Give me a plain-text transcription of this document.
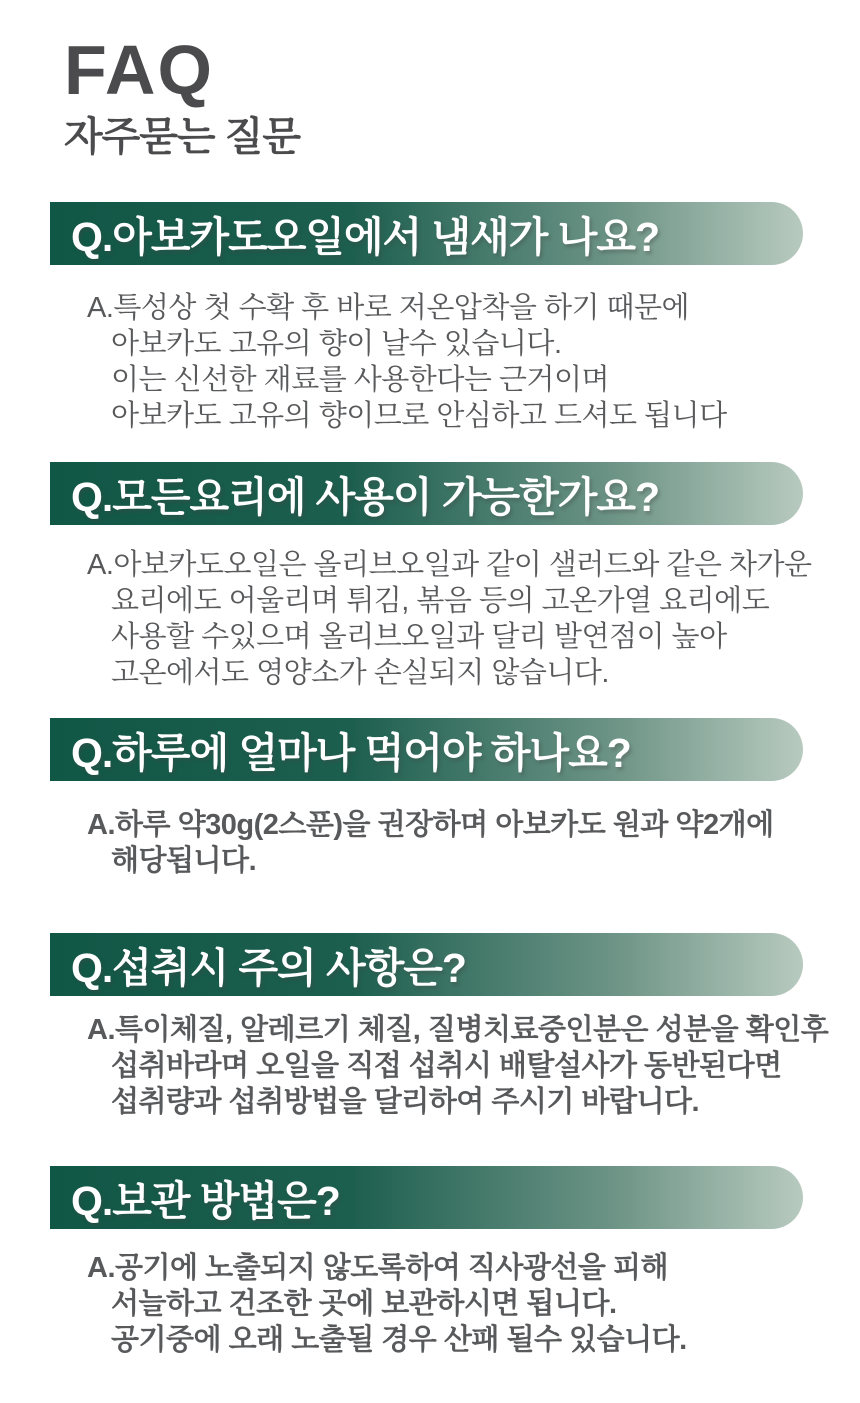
FAQ
자주묻는 질문
Q.아보카도오일에서 냄새가 나요?
A.특성상 첫 수확 후 바로 저온압착을 하기 때문에
아보카도 고유의 향이 날수 있습니다.
이는 신선한 재료를 사용한다는 근거이며
아보카도 고유의 향이므로 안심하고 드셔도 됩니다
Q.모든요리에 사용이 가능한가요?
A.아보카도오일은 올리브오일과 같이 샐러드와 같은 차가운
요리에도 어울리며 튀김, 볶음 등의 고온가열 요리에도
사용할 수있으며 올리브오일과 달리 발연점이 높아
고온에서도 영양소가 손실되지 않습니다.
Q.하루에 얼마나 먹어야 하나요?
A.하루 약30g(2스푼)을 권장하며 아보카도 원과 약2개에
해당됩니다.
Q.섭취시 주의 사항은?
A.특이체질, 알레르기 체질, 질병치료중인분은 성분을 확인후
섭취바라며 오일을 직접 섭취시 배탈설사가 동반된다면
섭취량과 섭취방법을 달리하여 주시기 바랍니다.
Q.보관 방법은?
A.공기에 노출되지 않도록하여 직사광선을 피해
서늘하고 건조한 곳에 보관하시면 됩니다.
공기중에 오래 노출될 경우 산패 될수 있습니다.
